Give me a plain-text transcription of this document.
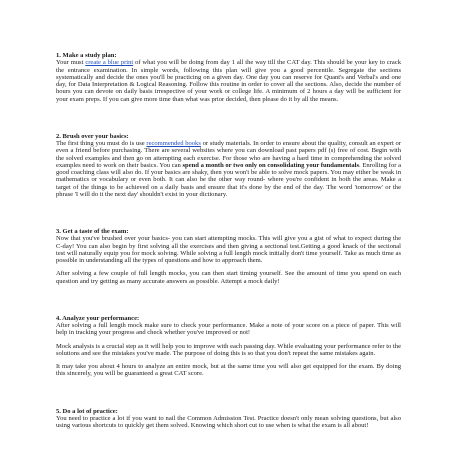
1. Make a study plan:

Your must create a blue print of what you will be doing from day 1 all the way till the CAT day. This should be your key to crack the entrance examination. In simple words, following this plan will give you a good percentile. Segregate the sections systematically and decide the ones you'll be practicing on a given day. One day you can reserve for Quant's and Verbal's and one day, for Data Interpretation & Logical Reasoning. Follow this routine in order to cover all the sections. Also, decide the number of hours you can devote on daily basis irrespective of your work or college life. A minimum of 2 hours a day will be sufficient for your exam preps. If you can give more time than what was prior decided, then please do it by all the means.

2. Brush over your basics:

The first thing you must do is use recommended books or study materials. In order to ensure about the quality, consult an expert or even a friend before purchasing. There are several websites where you can download past papers pdf (s) free of cost. Begin with the solved examples and then go on attempting each exercise. For those who are having a hard time in comprehending the solved examples need to work on their basics. You can spend a month or two only on consolidating your fundamentals. Enrolling for a good coaching class will also do. If your basics are shaky, then you won't be able to solve mock papers. You may either be weak in mathematics or vocabulary or even both. It can also be the other way round- where you're confident in both the areas. Make a target of the things to be achieved on a daily basis and ensure that it's done by the end of the day. The word 'tomorrow' or the phrase 'I will do it the next day' shouldn't exist in your dictionary.

3. Get a taste of the exam:

Now that you've brushed over your basics- you can start attempting mocks. This will give you a gist of what to expect during the C-day! You can also begin by first solving all the exercises and then giving a sectional test.Getting a good knack of the sectional test will naturally equip you for mock solving. While solving a full length mock initially don't time yourself. Take as much time as possible in understanding all the types of questions and how to approach them.

After solving a few couple of full length mocks, you can then start timing yourself. See the amount of time you spend on each question and try getting as many accurate answers as possible. Attempt a mock daily!

4. Analyze your performance:

After solving a full length mock make sure to check your performance. Make a note of your score on a piece of paper. This will help in tracking your progress and check whether you've improved or not!

Mock analysis is a crucial step as it will help you to improve with each passing day. While evaluating your performance refer to the solutions and see the mistakes you've made. The purpose of doing this is so that you don't repeat the same mistakes again.

It may take you about 4 hours to analyze an entire mock, but at the same time you will also get equipped for the exam. By doing this sincerely, you will be guaranteed a great CAT score.

5. Do a lot of practice:

You need to practice a lot if you want to nail the Common Admission Test. Practice doesn't only mean solving questions, but also using various shortcuts to quickly get them solved. Knowing which short cut to use when is what the exam is all about!
